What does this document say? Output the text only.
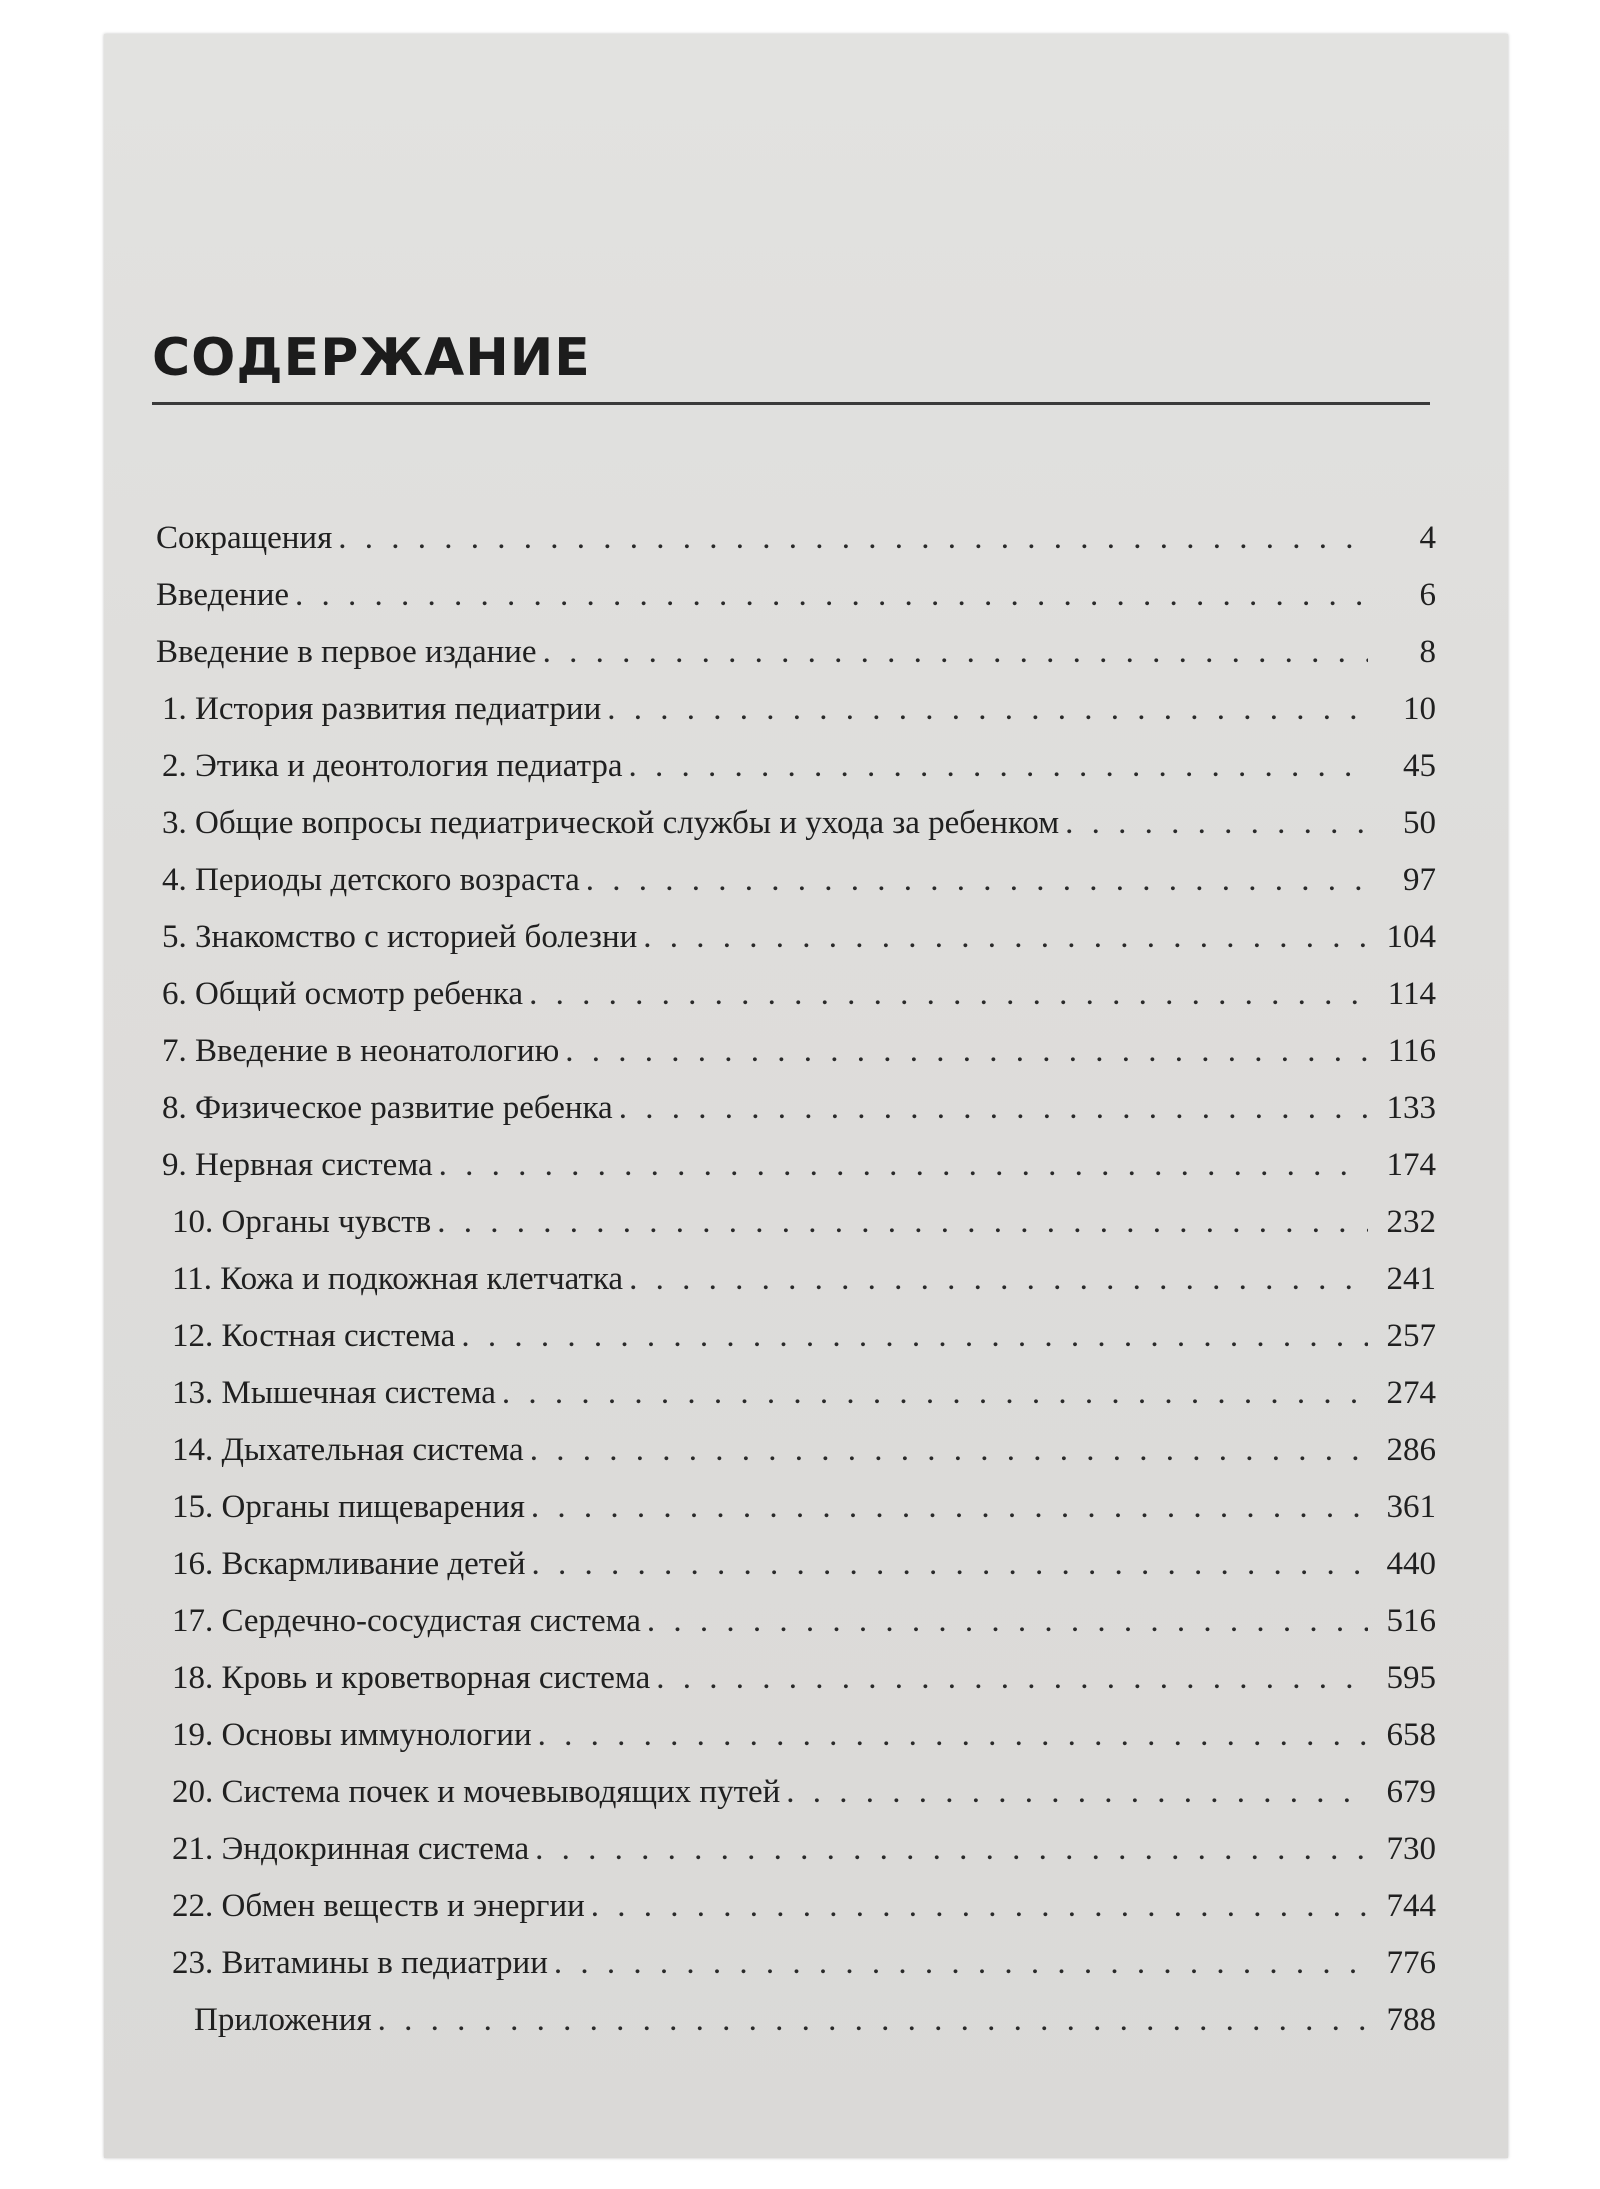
СОДЕРЖАНИЕ
Сокращения . . .	4
Введение . . .	6
Введение в первое издание . . .	8
1. История развития педиатрии . . .	10
2. Этика и деонтология педиатра . . .	45
3. Общие вопросы педиатрической службы и ухода за ребенком . . .	50
4. Периоды детского возраста . . .	97
5. Знакомство с историей болезни . . .	104
6. Общий осмотр ребенка . . .	114
7. Введение в неонатологию . . .	116
8. Физическое развитие ребенка . . .	133
9. Нервная система . . .	174
10. Органы чувств . . .	232
11. Кожа и подкожная клетчатка . . .	241
12. Костная система . . .	257
13. Мышечная система . . .	274
14. Дыхательная система . . .	286
15. Органы пищеварения . . .	361
16. Вскармливание детей . . .	440
17. Сердечно-сосудистая система . . .	516
18. Кровь и кроветворная система . . .	595
19. Основы иммунологии . . .	658
20. Система почек и мочевыводящих путей . . .	679
21. Эндокринная система . . .	730
22. Обмен веществ и энергии . . .	744
23. Витамины в педиатрии . . .	776
Приложения . . .	788
